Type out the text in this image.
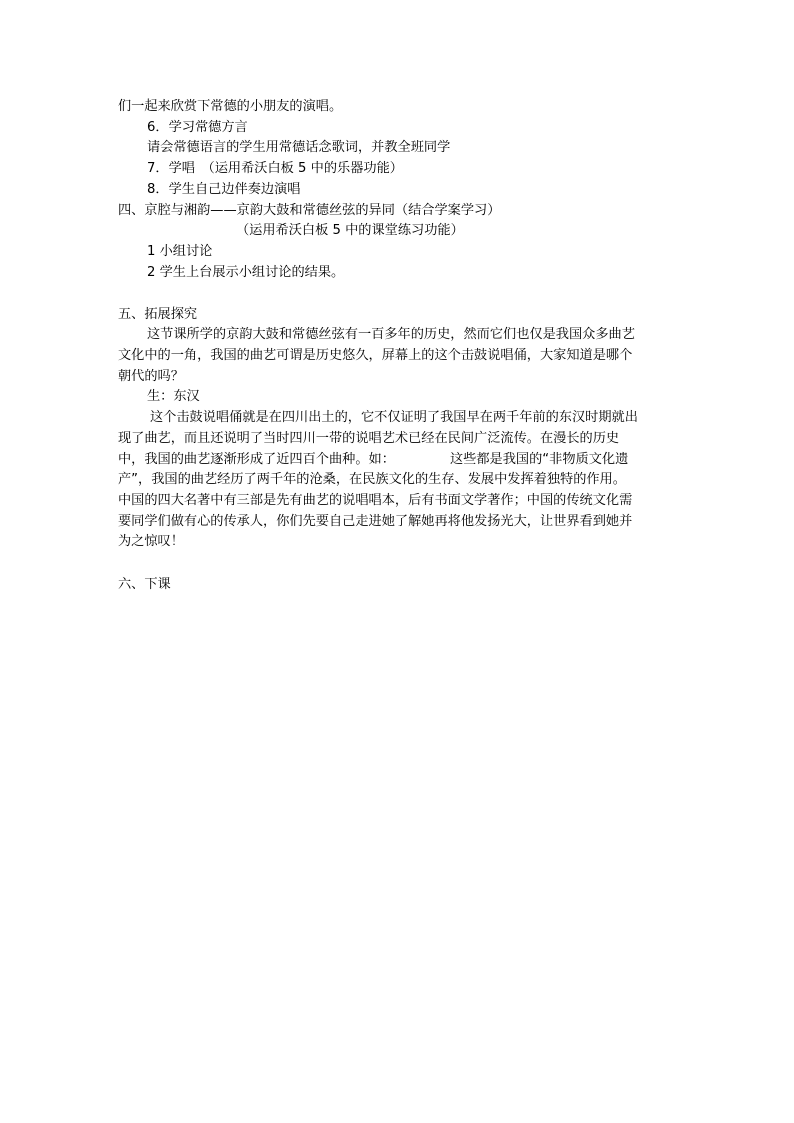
们一起来欣赏下常德的小朋友的演唱。
6．学习常德方言
请会常德语言的学生用常德话念歌词，并教全班同学
7．学唱　（运用希沃白板 5 中的乐器功能）
8．学生自己边伴奏边演唱
四、京腔与湘韵——京韵大鼓和常德丝弦的异同（结合学案学习）
（运用希沃白板 5 中的课堂练习功能）
1 小组讨论
2 学生上台展示小组讨论的结果。
五、拓展探究
这节课所学的京韵大鼓和常德丝弦有一百多年的历史，然而它们也仅是我国众多曲艺
文化中的一角，我国的曲艺可谓是历史悠久，屏幕上的这个击鼓说唱俑，大家知道是哪个
朝代的吗？
生：东汉
这个击鼓说唱俑就是在四川出土的，它不仅证明了我国早在两千年前的东汉时期就出
现了曲艺，而且还说明了当时四川一带的说唱艺术已经在民间广泛流传。在漫长的历史
中，我国的曲艺逐渐形成了近四百个曲种。如：	这些都是我国的“非物质文化遗
产”，我国的曲艺经历了两千年的沧桑，在民族文化的生存、发展中发挥着独特的作用。
中国的四大名著中有三部是先有曲艺的说唱唱本，后有书面文学著作；中国的传统文化需
要同学们做有心的传承人，你们先要自己走进她了解她再将他发扬光大，让世界看到她并
为之惊叹！
六、下课
